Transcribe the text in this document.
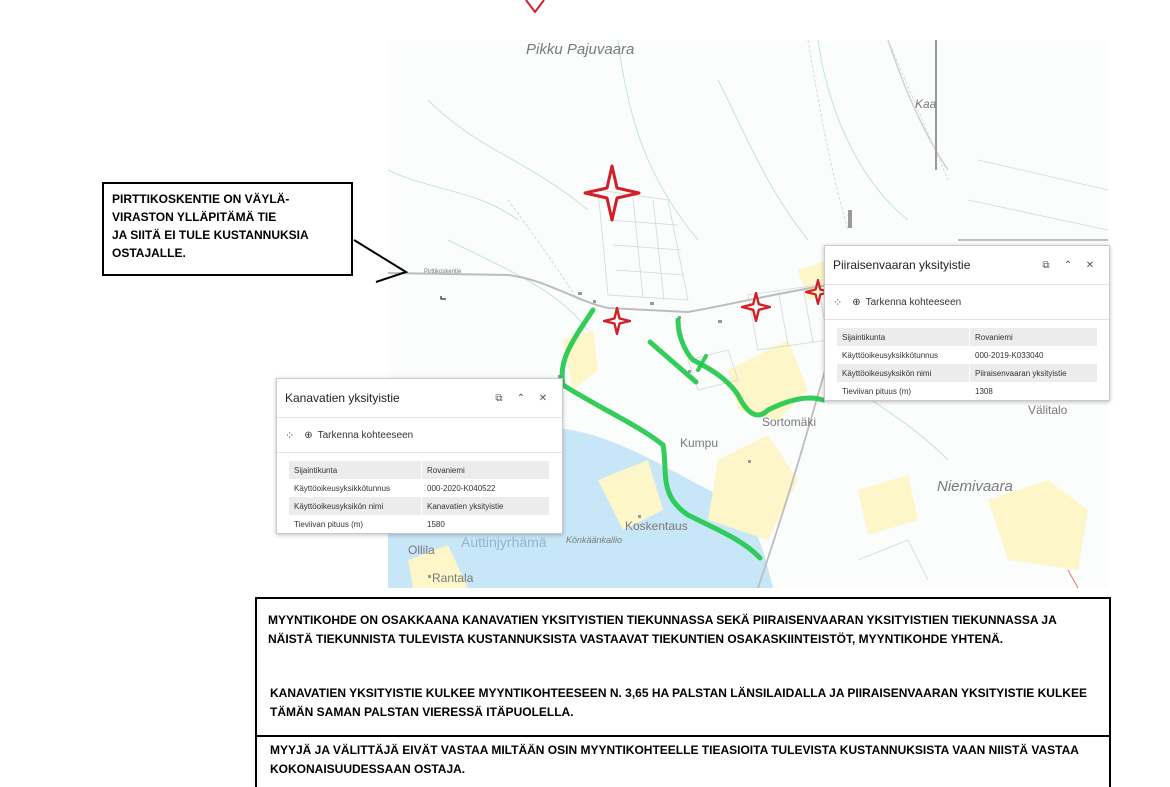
Pikku Pajuvaara
Kaa
Pirttikoskentie
Kumpu
Sortomäki
Välitalo
Niemivaara
Koskentaus
Auttinjyrhämä Könkäänkallio
Ollila
Rantala
Kanavatien yksityistie	⧉	⌃	✕
⁘ ⊕ Tarkenna kohteeseen
Sijaintikunta	Rovaniemi
Käyttöoikeusyksikkötunnus	000-2020-K040522
Käyttöoikeusyksikön nimi	Kanavatien yksityistie
Tieviivan pituus (m)	1580
Piiraisenvaaran yksityistie	⧉	⌃	✕
⁘ ⊕ Tarkenna kohteeseen
Sijaintikunta	Rovaniemi
Käyttöoikeusyksikkötunnus	000-2019-K033040
Käyttöoikeusyksikön nimi	Piiraisenvaaran yksityistie
Tieviivan pituus (m)	1308
PIRTTIKOSKENTIE ON VÄYLÄ-
VIRASTON YLLÄPITÄMÄ TIE
JA SIITÄ EI TULE KUSTANNUKSIA
OSTAJALLE.

MYYNTIKOHDE ON OSAKKAANA KANAVATIEN YKSITYISTIEN TIEKUNNASSA SEKÄ PIIRAISENVAARAN YKSITYISTIEN TIEKUNNASSA JA NÄISTÄ TIEKUNNISTA TULEVISTA KUSTANNUKSISTA VASTAAVAT TIEKUNTIEN OSAKASKIINTEISTÖT, MYYNTIKOHDE YHTENÄ.

KANAVATIEN YKSITYISTIE KULKEE MYYNTIKOHTEESEEN N. 3,65 HA PALSTAN LÄNSILAIDALLA JA PIIRAISENVAARAN YKSITYISTIE KULKEE TÄMÄN SAMAN PALSTAN VIERESSÄ ITÄPUOLELLA.

MYYJÄ JA VÄLITTÄJÄ EIVÄT VASTAA MILTÄÄN OSIN MYYNTIKOHTEELLE TIEASIOITA TULEVISTA KUSTANNUKSISTA VAAN NIISTÄ VASTAA KOKONAISUUDESSAAN OSTAJA.
